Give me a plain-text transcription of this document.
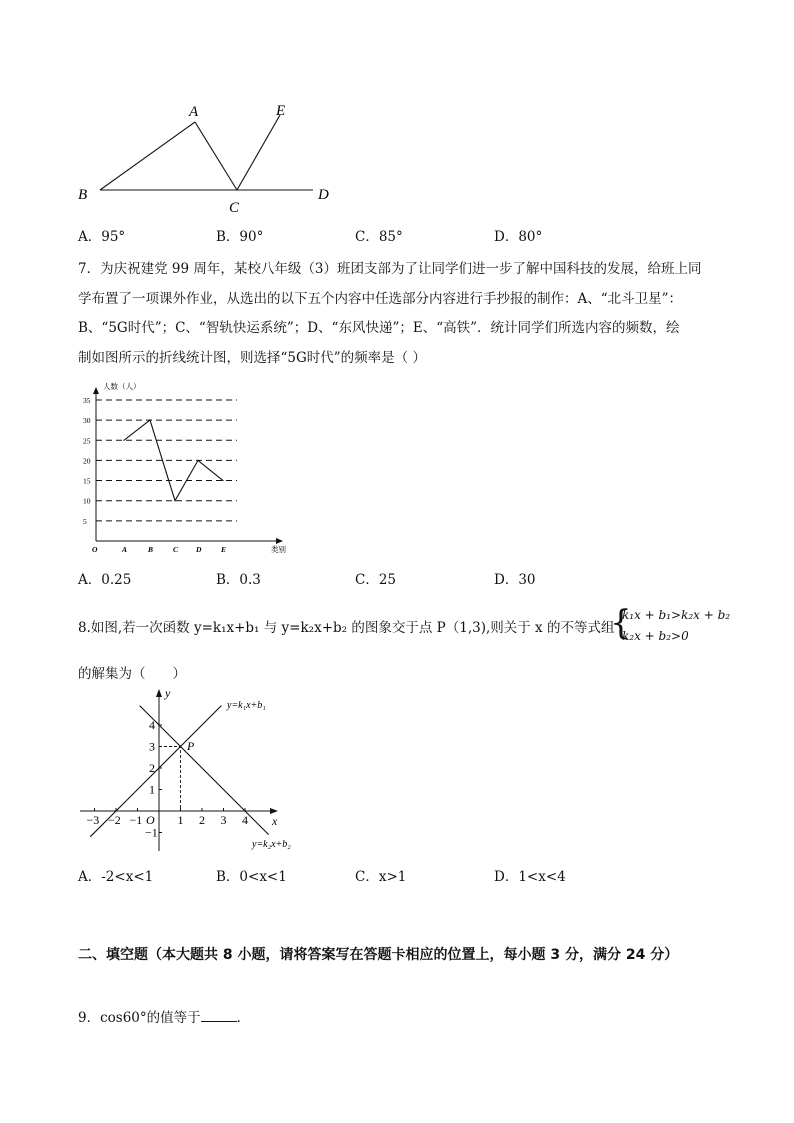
A	E
B
C
D
A．95°	B．90°	C．85°	D．80°
7．为庆祝建党 99 周年，某校八年级（3）班团支部为了让同学们进一步了解中国科技的发展，给班上同
学布置了一项课外作业，从选出的以下五个内容中任选部分内容进行手抄报的制作：A、“北斗卫星”：
B、“5G时代”；C、“智轨快运系统”；D、“东风快递”；E、“高铁”．统计同学们所选内容的频数，绘
制如图所示的折线统计图，则选择“5G时代”的频率是（ ）
人数（人）
类别
O
5
10
15
20
25
30
35
A	B	C D	E
A．0.25	B．0.3	C．25	D．30
8.如图,若一次函数 y=k₁x+b₁ 与 y=k₂x+b₂ 的图象交于点 P（1,3),则关于 x 的不等式组
{
k₁x + b₁>k₂x + b₂
k₂x + b₂>0
的解集为（　　）
−3 −2 −1	1 2 3 4
4
3
2
1
−1
y
x
P
O
y=k₁x+b₁
y=k₂x+b₂
A．-2<x<1	B．0<x<1	C．x>1	D．1<x<4
二、填空题（本大题共 8 小题，请将答案写在答题卡相应的位置上，每小题 3 分，满分 24 分）
9．cos60°的值等于	．
